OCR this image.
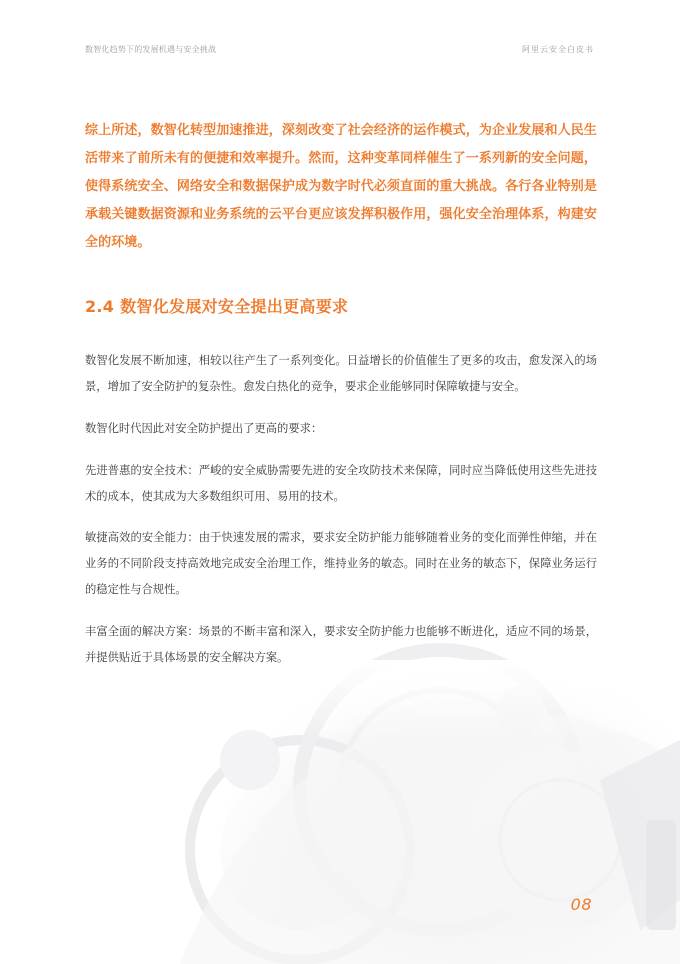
数智化趋势下的发展机遇与安全挑战	阿里云安全白皮书

综上所述，数智化转型加速推进，深刻改变了社会经济的运作模式，为企业发展和人民生活带来了前所未有的便捷和效率提升。然而，这种变革同样催生了一系列新的安全问题，使得系统安全、网络安全和数据保护成为数字时代必须直面的重大挑战。各行各业特别是承载关键数据资源和业务系统的云平台更应该发挥积极作用，强化安全治理体系，构建安全的环境。

2.4 数智化发展对安全提出更高要求

数智化发展不断加速，相较以往产生了一系列变化。日益增长的价值催生了更多的攻击，愈发深入的场景，增加了安全防护的复杂性。愈发白热化的竞争，要求企业能够同时保障敏捷与安全。

数智化时代因此对安全防护提出了更高的要求：

先进普惠的安全技术：严峻的安全威胁需要先进的安全攻防技术来保障，同时应当降低使用这些先进技术的成本，使其成为大多数组织可用、易用的技术。

敏捷高效的安全能力：由于快速发展的需求，要求安全防护能力能够随着业务的变化而弹性伸缩，并在业务的不同阶段支持高效地完成安全治理工作，维持业务的敏态。同时在业务的敏态下，保障业务运行的稳定性与合规性。

丰富全面的解决方案：场景的不断丰富和深入，要求安全防护能力也能够不断进化，适应不同的场景，并提供贴近于具体场景的安全解决方案。

08
